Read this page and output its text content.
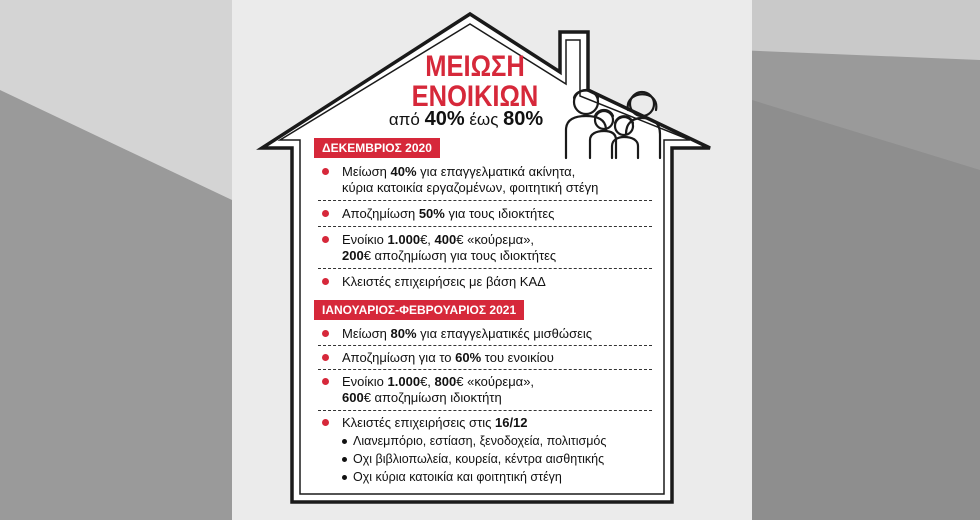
ΜΕΙΩΣΗ
ΕΝΟΙΚΙΩΝ
από 40% έως 80%
ΔΕΚΕΜΒΡΙΟΣ 2020
Μείωση 40% για επαγγελματικά ακίνητα,
κύρια κατοικία εργαζομένων, φοιτητική στέγη
Αποζημίωση 50% για τους ιδιοκτήτες
Ενοίκιο 1.000€, 400€ «κούρεμα»,
200€ αποζημίωση για τους ιδιοκτήτες
Κλειστές επιχειρήσεις με βάση ΚΑΔ
ΙΑΝΟΥΑΡΙΟΣ-ΦΕΒΡΟΥΑΡΙΟΣ 2021
Μείωση 80% για επαγγελματικές μισθώσεις
Αποζημίωση για το 60% του ενοικίου
Ενοίκιο 1.000€, 800€ «κούρεμα»,
600€ αποζημίωση ιδιοκτήτη
Κλειστές επιχειρήσεις στις 16/12
Λιανεμπόριο, εστίαση, ξενοδοχεία, πολιτισμός
Οχι βιβλιοπωλεία, κουρεία, κέντρα αισθητικής
Οχι κύρια κατοικία και φοιτητική στέγη
